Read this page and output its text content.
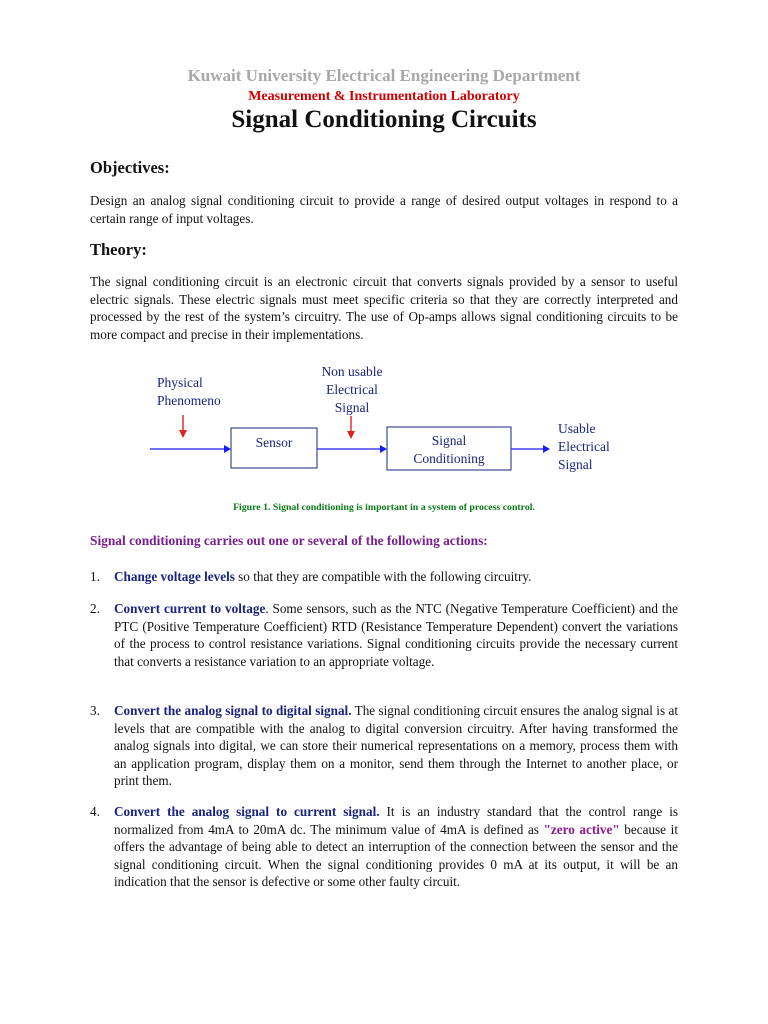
Kuwait University Electrical Engineering Department
Measurement & Instrumentation Laboratory
Signal Conditioning Circuits
Objectives:
Design an analog signal conditioning circuit to provide a range of desired output voltages in respond to a certain range of input voltages.
Theory:
The signal conditioning circuit is an electronic circuit that converts signals provided by a sensor to useful electric signals. These electric signals must meet specific criteria so that they are correctly interpreted and processed by the rest of the system’s circuitry. The use of Op-amps allows signal conditioning circuits to be more compact and precise in their implementations.
Physical
Phenomeno
Non usable
Electrical
Signal
Sensor	Signal
Conditioning
Usable
Electrical
Signal
Figure 1. Signal conditioning is important in a system of process control.
Signal conditioning carries out one or several of the following actions:
1.	Change voltage levels so that they are compatible with the following circuitry.
2.	Convert current to voltage. Some sensors, such as the NTC (Negative Temperature Coefficient) and the PTC (Positive Temperature Coefficient) RTD (Resistance Temperature Dependent) convert the variations of the process to control resistance variations. Signal conditioning circuits provide the necessary current that converts a resistance variation to an appropriate voltage.
3.	Convert the analog signal to digital signal. The signal conditioning circuit ensures the analog signal is at levels that are compatible with the analog to digital conversion circuitry. After having transformed the analog signals into digital, we can store their numerical representations on a memory, process them with an application program, display them on a monitor, send them through the Internet to another place, or print them.
4.	Convert the analog signal to current signal. It is an industry standard that the control range is normalized from 4mA to 20mA dc. The minimum value of 4mA is defined as "zero active" because it offers the advantage of being able to detect an interruption of the connection between the sensor and the signal conditioning circuit. When the signal conditioning provides 0 mA at its output, it will be an indication that the sensor is defective or some other faulty circuit.
